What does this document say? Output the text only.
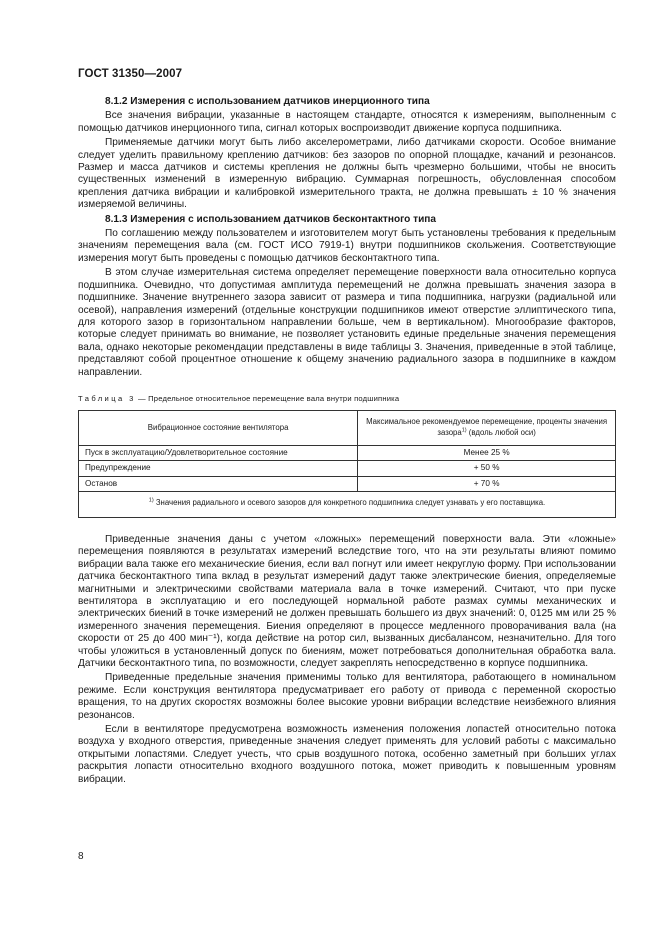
ГОСТ 31350—2007
8.1.2 Измерения с использованием датчиков инерционного типа

Все значения вибрации, указанные в настоящем стандарте, относятся к измерениям, выполненным с помощью датчиков инерционного типа, сигнал которых воспроизводит движение корпуса подшипника.

Применяемые датчики могут быть либо акселерометрами, либо датчиками скорости. Особое внимание следует уделить правильному креплению датчиков: без зазоров по опорной площадке, качаний и резонансов. Размер и масса датчиков и системы крепления не должны быть чрезмерно большими, чтобы не вносить существенных изменений в измеренную вибрацию. Суммарная погрешность, обусловленная способом крепления датчика вибрации и калибровкой измерительного тракта, не должна превышать ± 10 % значения измеряемой величины.

8.1.3 Измерения с использованием датчиков бесконтактного типа

По соглашению между пользователем и изготовителем могут быть установлены требования к предельным значениям перемещения вала (см. ГОСТ ИСО 7919-1) внутри подшипников скольжения. Соответствующие измерения могут быть проведены с помощью датчиков бесконтактного типа.

В этом случае измерительная система определяет перемещение поверхности вала относительно корпуса подшипника. Очевидно, что допустимая амплитуда перемещений не должна превышать значения зазора в подшипнике. Значение внутреннего зазора зависит от размера и типа подшипника, нагрузки (радиальной или осевой), направления измерений (отдельные конструкции подшипников имеют отверстие эллиптического типа, для которого зазор в горизонтальном направлении больше, чем в вертикальном). Многообразие факторов, которые следует принимать во внимание, не позволяет установить единые предельные значения перемещения вала, однако некоторые рекомендации представлены в виде таблицы 3. Значения, приведенные в этой таблице, представляют собой процентное отношение к общему значению радиального зазора в подшипнике в каждом направлении.

Таблица 3 — Предельное относительное перемещение вала внутри подшипника
Вибрационное состояние вентилятора	Максимальное рекомендуемое перемещение, проценты значения зазора$^{1)}$ (вдоль любой оси)
Пуск в эксплуатацию/Удовлетворительное состояние	Менее 25 %
Предупреждение	+ 50 %
Останов	+ 70 %
$^{1)}$ Значения радиального и осевого зазоров для конкретного подшипника следует узнавать у его поставщика.	

Приведенные значения даны с учетом «ложных» перемещений поверхности вала. Эти «ложные» перемещения появляются в результатах измерений вследствие того, что на эти результаты влияют помимо вибрации вала также его механические биения, если вал погнут или имеет некруглую форму. При использовании датчика бесконтактного типа вклад в результат измерений дадут также электрические биения, определяемые магнитными и электрическими свойствами материала вала в точке измерений. Считают, что при пуске вентилятора в эксплуатацию и его последующей нормальной работе размах суммы механических и электрических биений в точке измерений не должен превышать большего из двух значений: 0, 0125 мм или 25 % измеренного значения перемещения. Биения определяют в процессе медленного проворачивания вала (на скорости от 25 до 400 мин⁻¹), когда действие на ротор сил, вызванных дисбалансом, незначительно. Для того чтобы уложиться в установленный допуск по биениям, может потребоваться дополнительная обработка вала. Датчики бесконтактного типа, по возможности, следует закреплять непосредственно в корпусе подшипника.

Приведенные предельные значения применимы только для вентилятора, работающего в номинальном режиме. Если конструкция вентилятора предусматривает его работу от привода с переменной скоростью вращения, то на других скоростях возможны более высокие уровни вибрации вследствие неизбежного влияния резонансов.

Если в вентиляторе предусмотрена возможность изменения положения лопастей относительно потока воздуха у входного отверстия, приведенные значения следует применять для условий работы с максимально открытыми лопастями. Следует учесть, что срыв воздушного потока, особенно заметный при больших углах раскрытия лопасти относительно входного воздушного потока, может приводить к повышенным уровням вибрации.

8
